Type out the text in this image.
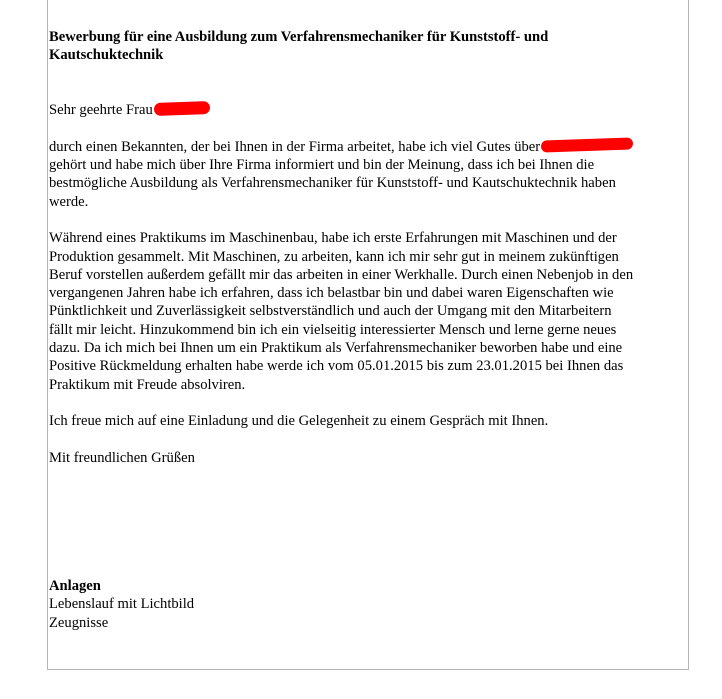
Bewerbung für eine Ausbildung zum Verfahrensmechaniker für Kunststoff- und
Kautschuktechnik
Sehr geehrte Frau
durch einen Bekannten, der bei Ihnen in der Firma arbeitet, habe ich viel Gutes über
gehört und habe mich über Ihre Firma informiert und bin der Meinung, dass ich bei Ihnen die
bestmögliche Ausbildung als Verfahrensmechaniker für Kunststoff- und Kautschuktechnik haben
werde.
Während eines Praktikums im Maschinenbau, habe ich erste Erfahrungen mit Maschinen und der
Produktion gesammelt. Mit Maschinen, zu arbeiten, kann ich mir sehr gut in meinem zukünftigen
Beruf vorstellen außerdem gefällt mir das arbeiten in einer Werkhalle. Durch einen Nebenjob in den
vergangenen Jahren habe ich erfahren, dass ich belastbar bin und dabei waren Eigenschaften wie
Pünktlichkeit und Zuverlässigkeit selbstverständlich und auch der Umgang mit den Mitarbeitern
fällt mir leicht. Hinzukommend bin ich ein vielseitig interessierter Mensch und lerne gerne neues
dazu. Da ich mich bei Ihnen um ein Praktikum als Verfahrensmechaniker beworben habe und eine
Positive Rückmeldung erhalten habe werde ich vom 05.01.2015 bis zum 23.01.2015 bei Ihnen das
Praktikum mit Freude absolviren.
Ich freue mich auf eine Einladung und die Gelegenheit zu einem Gespräch mit Ihnen.
Mit freundlichen Grüßen
Anlagen
Lebenslauf mit Lichtbild
Zeugnisse
